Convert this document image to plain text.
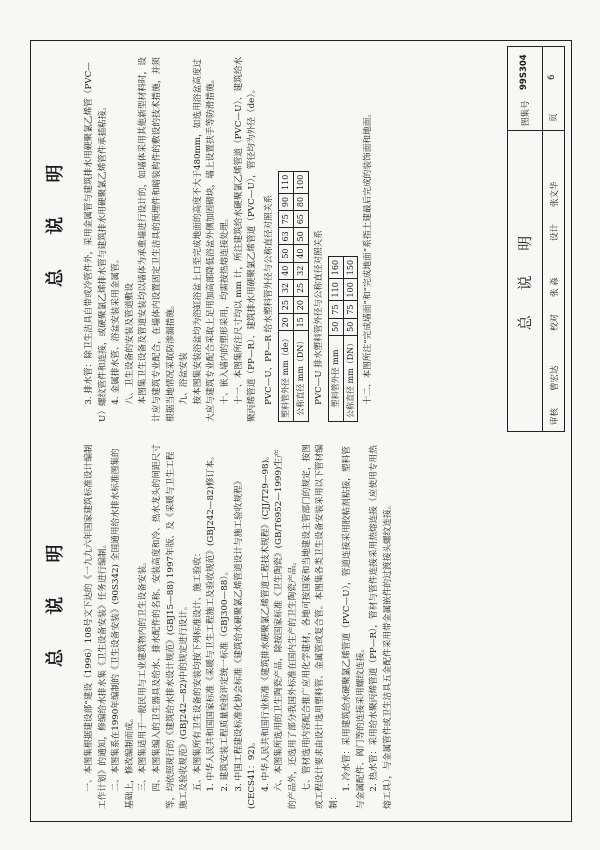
总 说 明
总 说 明

一、本图集根据建设部“建设（1996）108号文下达的《一九九六年国家建筑标准设计编制工作计划》的通知，修编给水排水集《卫生设备安装》任务进行编制。 二、本图集系在1990年编制的《卫生设备安装》(90S342) 全国通用给水排水标准图集的基础上，修改编制而成。 三、本图集适用于一般民用与工业建筑物内的卫生设备安装。 四、本图集编入的卫生器具及给水、排水配件的名称、安装高度和冷、热水龙头的间距尺寸等，均依照现行的《建筑给水排水设计规范》(GBJ15—88) 1997年版、及《采暖与卫生工程施工及验收规范》(GBJ242—82)中的规定进行设计。 五、本图集所有卫生设备的安装均按下列标准设计、施工验收： 1. 中华人民共和国国家标准《采暖与卫生工程施工及验收规范》(GBJ242—82)修订本。 2. 建筑安装工程质量检验评定统一标准（GBJ300—88）。 3. 中国工程建设标准化协会标准《建筑给水硬聚氯乙烯管道设计与施工验收规程》(CECS41：92)。 4. 中华人民共和国行业标准《建筑排水硬聚氯乙烯管道工程技术规程》(CJJ/T29—98)。 六、本图集所选用的卫生陶瓷产品，除按国家标准《卫生陶瓷》(GB/T6952—1999)生产的产品外，还选用了部分我国外标准在国内生产的卫生陶瓷产品。 七、管材选用内容配合推广应用化学建材，各地可按国家和当地建设主管部门的规定，按图或工程设计要求由设计选用塑料管、金属管或复合管。本图集各类卫生设备安装采用以下管材编制：

1. 冷水管：采用建筑给水硬聚氯乙烯管道（PVC—U），管道连接采用胶粘剂粘接，塑料管与金属配件、阀门等的连接采用螺纹连接。 2. 热水管：采用给水聚丙烯管道（PP—R），管材与管件连接采用热熔连接（应使用专用热熔工具），与金属管件或卫生洁具五金配件采用带金属嵌件的过渡接头螺纹连接。

3. 排水管：除卫生洁具自带或冷管件外，采用金属管与建筑排水用硬聚氯乙烯管（PVC—U）螺纹管件和连接，或硬聚氯乙烯排水管与建筑排水用硬聚氯乙烯管件承插粘接。 4. 金属排水管、浴盆安装采用金属管。 八、卫生设备的安装及管道敷设 本图集卫生设备及管道安装均以墙体为承重墙进行设计的，如墙体采用其他新型材料时，设计应与建筑专业配合，在墙体内设置固定卫生洁具的预埋件和暗装构件的敷设的技术措施，并须根据当地情况采取防渗漏措施。 九、浴盆安装 按本图集安装浴盆均为浴缸浴盆上口至完成地面的高度不大于480mm，如选用浴盆高度过大应与建筑专业配合采取上足用加高部降低浴盆外侧加固砌块，墙上设置扶手等防滑措施。 十、嵌入墙内的塑形采用，均需按热熔连接处理。 十一、本图集所注尺寸均以 mm 计，所注建筑给水硬聚氯乙烯管道（PVC—U）、建筑给水聚丙烯管道（PP—R）、建筑排水用硬聚氯乙烯管道（PVC—U），管径均为外径（de）。 PVC—U、PP—R 给水塑料管外径与公称直径对照关系 塑料管外径 mm（de）	20	25	32	40	50	63	75	90	110
公称直径 mm（DN）	15	20	25	32	40	50	65	80	100
PVC—U 排水塑料管外径与公称直径对照关系 塑料管外径 mm	50	75	110	160
公称直径 mm（DN）	50	75	100	150 十二、本图所注“完成墙面”和“完成地面”系指土建最后完成的装饰面和地面。	总 说 明
审核
曾宏达
校对
张 淼
设计
张文华
图集号
99S304
页
6
